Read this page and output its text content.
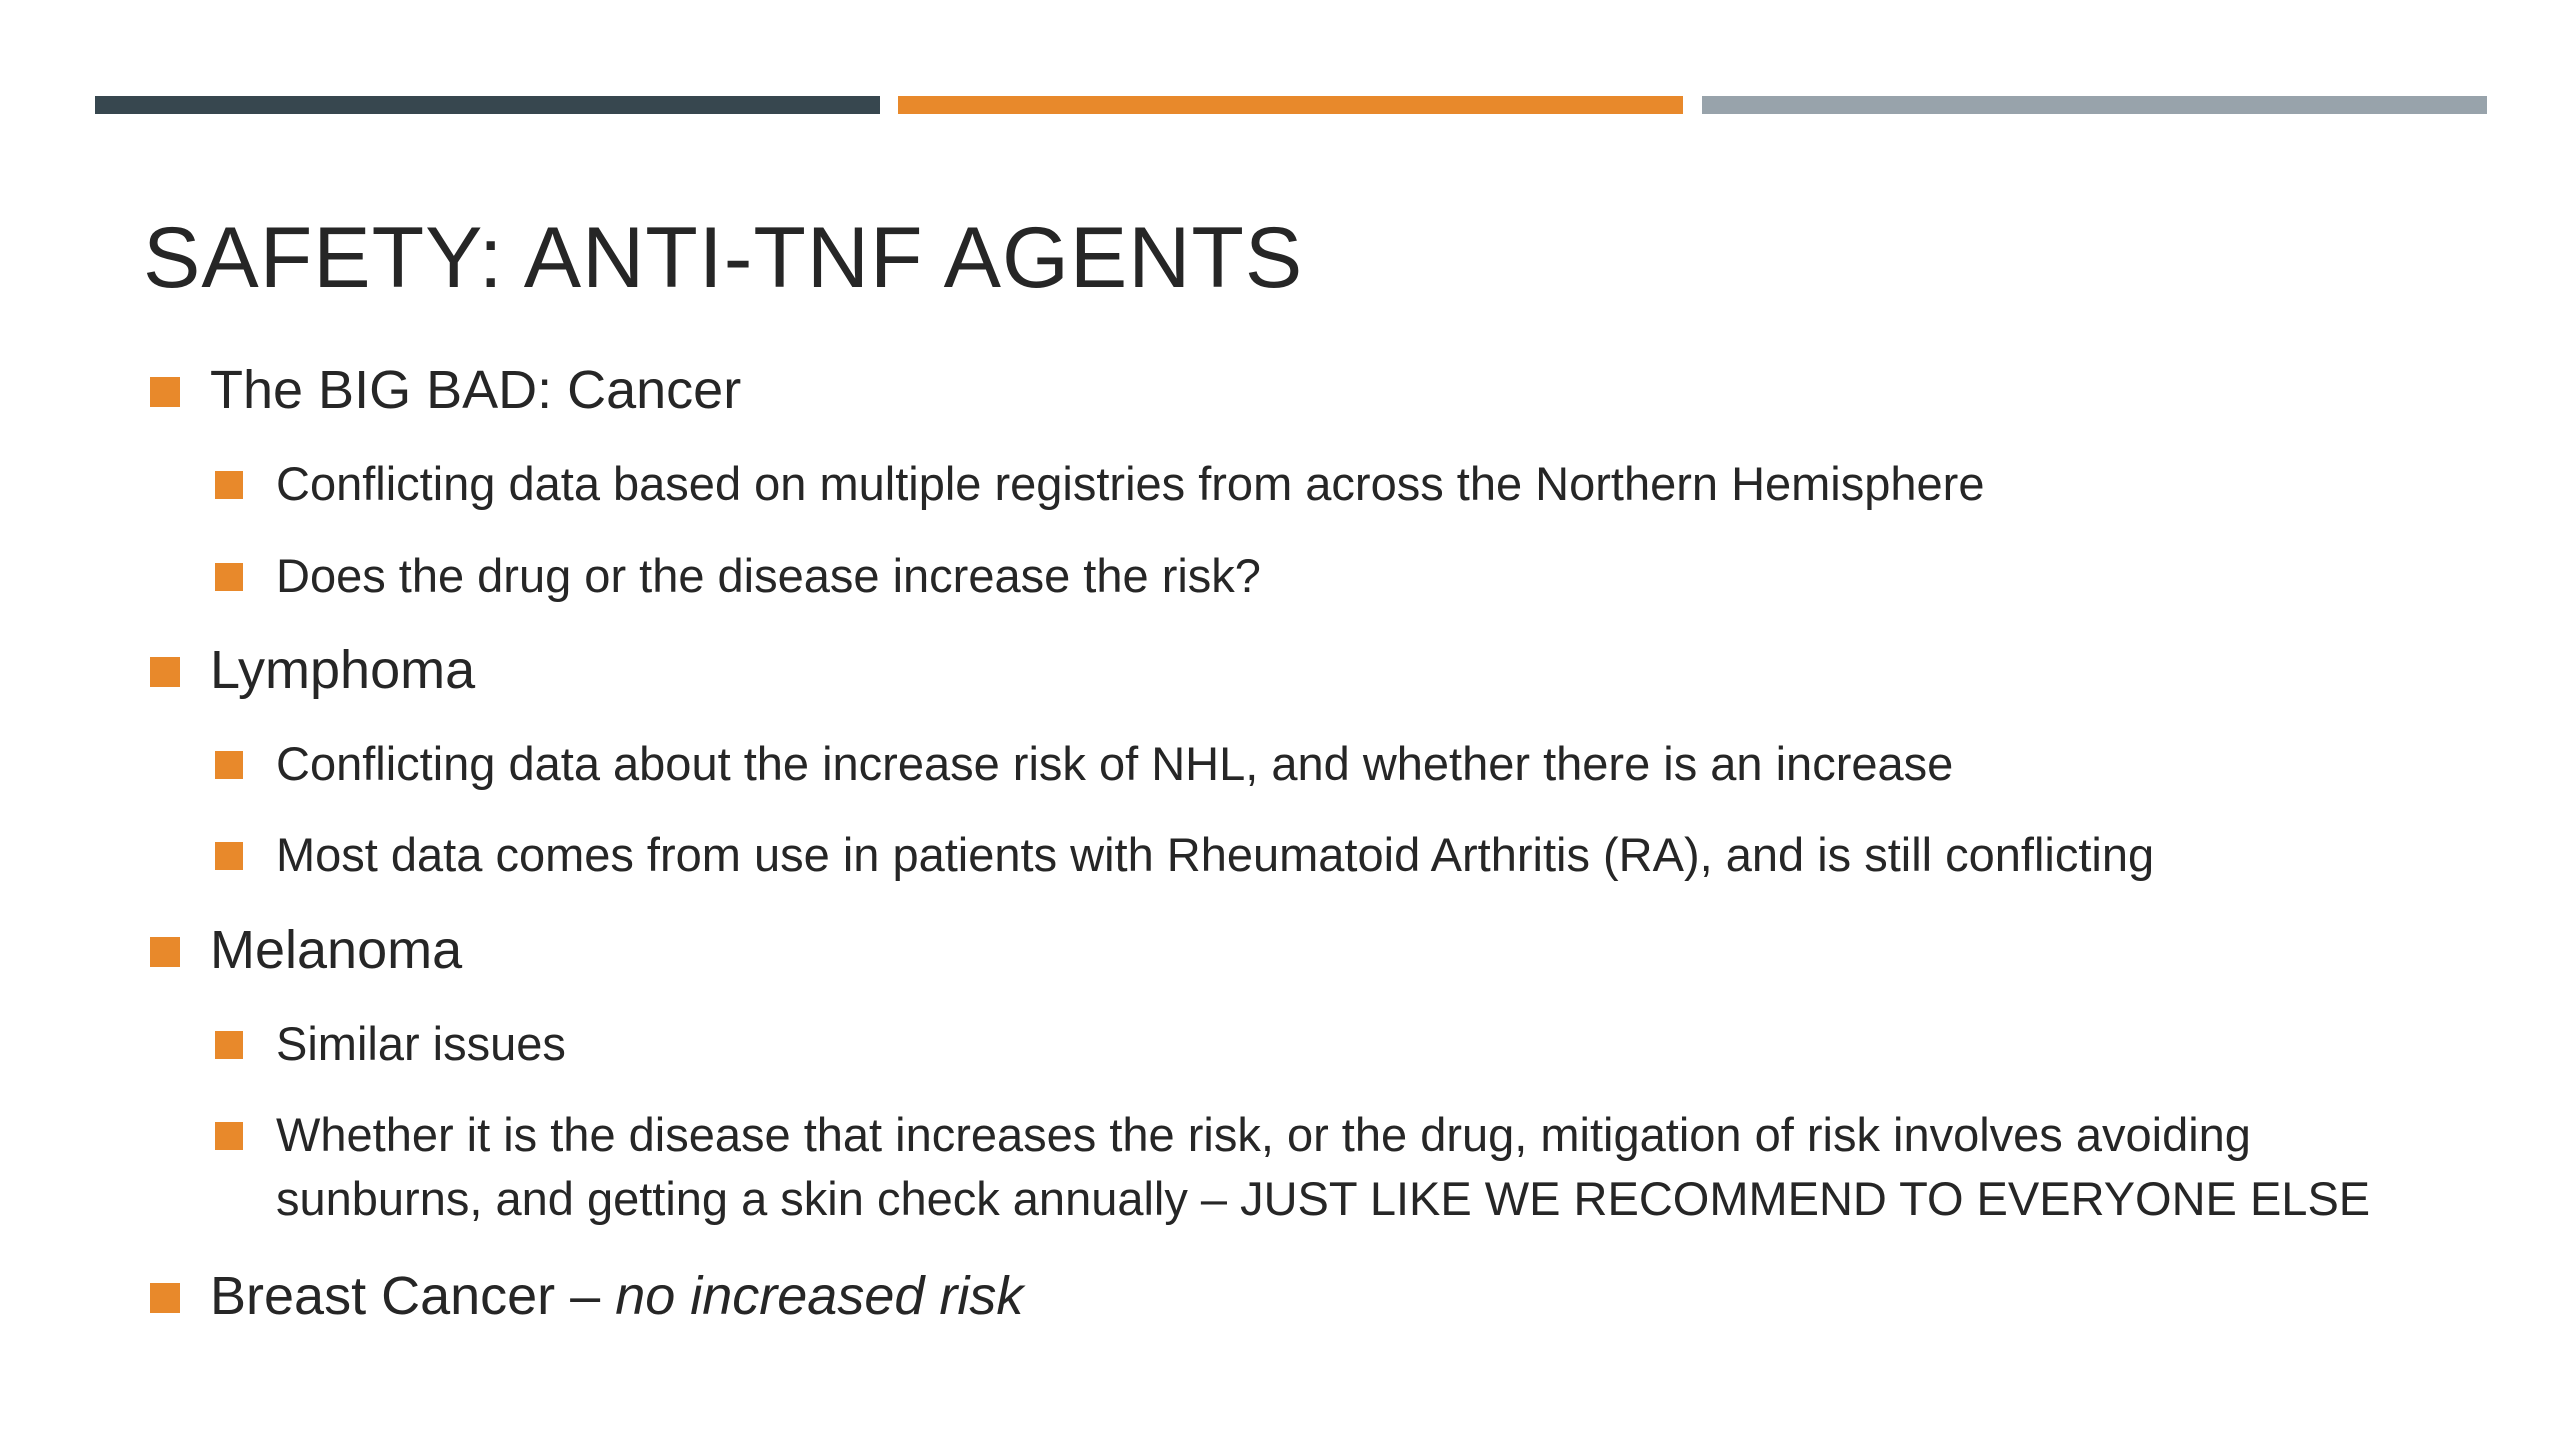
SAFETY: ANTI-TNF AGENTS
The BIG BAD: Cancer
Conflicting data based on multiple registries from across the Northern Hemisphere
Does the drug or the disease increase the risk?
Lymphoma
Conflicting data about the increase risk of NHL, and whether there is an increase
Most data comes from use in patients with Rheumatoid Arthritis (RA), and is still conflicting
Melanoma
Similar issues
Whether it is the disease that increases the risk, or the drug, mitigation of risk involves avoiding
sunburns, and getting a skin check annually – JUST LIKE WE RECOMMEND TO EVERYONE ELSE
Breast Cancer – no increased risk
